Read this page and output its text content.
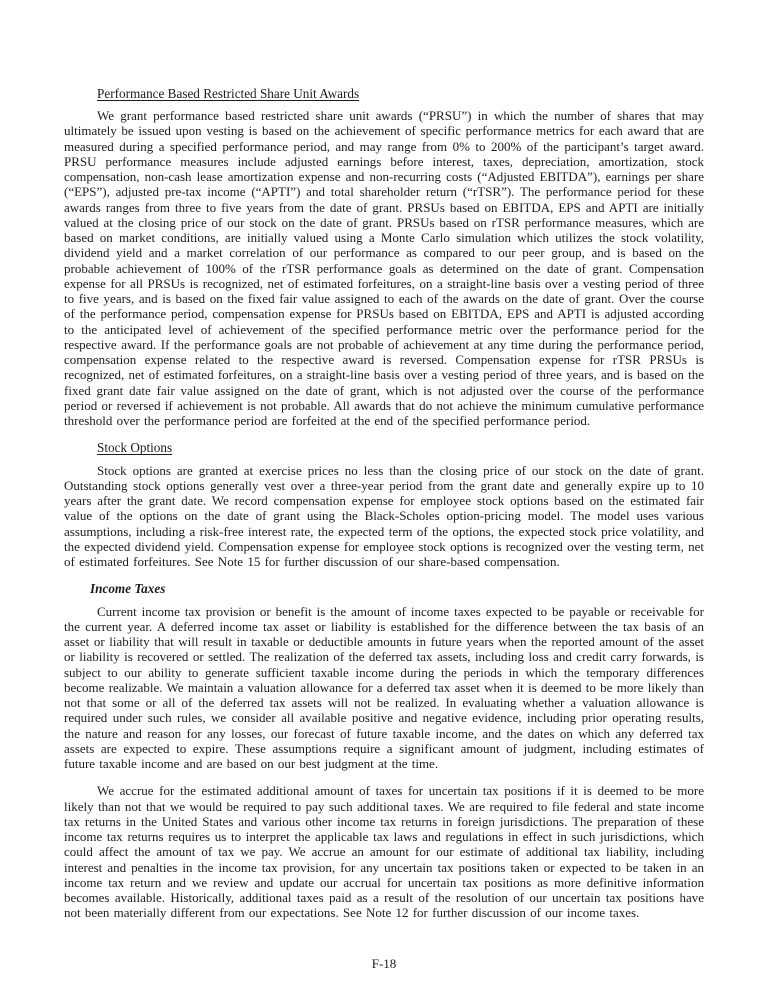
Performance Based Restricted Share Unit Awards

We grant performance based restricted share unit awards (“PRSU”) in which the number of shares that may ultimately be issued upon vesting is based on the achievement of specific performance metrics for each award that are measured during a specified performance period, and may range from 0% to 200% of the participant’s target award. PRSU performance measures include adjusted earnings before interest, taxes, depreciation, amortization, stock compensation, non-cash lease amortization expense and non-recurring costs (“Adjusted EBITDA”), earnings per share (“EPS”), adjusted pre-tax income (“APTI”) and total shareholder return (“rTSR”). The performance period for these awards ranges from three to five years from the date of grant. PRSUs based on EBITDA, EPS and APTI are initially valued at the closing price of our stock on the date of grant. PRSUs based on rTSR performance measures, which are based on market conditions, are initially valued using a Monte Carlo simulation which utilizes the stock volatility, dividend yield and a market correlation of our performance as compared to our peer group, and is based on the probable achievement of 100% of the rTSR performance goals as determined on the date of grant. Compensation expense for all PRSUs is recognized, net of estimated forfeitures, on a straight-line basis over a vesting period of three to five years, and is based on the fixed fair value assigned to each of the awards on the date of grant. Over the course of the performance period, compensation expense for PRSUs based on EBITDA, EPS and APTI is adjusted according to the anticipated level of achievement of the specified performance metric over the performance period for the respective award. If the performance goals are not probable of achievement at any time during the performance period, compensation expense related to the respective award is reversed. Compensation expense for rTSR PRSUs is recognized, net of estimated forfeitures, on a straight-line basis over a vesting period of three years, and is based on the fixed grant date fair value assigned on the date of grant, which is not adjusted over the course of the performance period or reversed if achievement is not probable. All awards that do not achieve the minimum cumulative performance threshold over the performance period are forfeited at the end of the specified performance period.

Stock Options

Stock options are granted at exercise prices no less than the closing price of our stock on the date of grant. Outstanding stock options generally vest over a three-year period from the grant date and generally expire up to 10 years after the grant date. We record compensation expense for employee stock options based on the estimated fair value of the options on the date of grant using the Black-Scholes option-pricing model. The model uses various assumptions, including a risk-free interest rate, the expected term of the options, the expected stock price volatility, and the expected dividend yield. Compensation expense for employee stock options is recognized over the vesting term, net of estimated forfeitures. See Note 15 for further discussion of our share-based compensation.

Income Taxes

Current income tax provision or benefit is the amount of income taxes expected to be payable or receivable for the current year. A deferred income tax asset or liability is established for the difference between the tax basis of an asset or liability that will result in taxable or deductible amounts in future years when the reported amount of the asset or liability is recovered or settled. The realization of the deferred tax assets, including loss and credit carry forwards, is subject to our ability to generate sufficient taxable income during the periods in which the temporary differences become realizable. We maintain a valuation allowance for a deferred tax asset when it is deemed to be more likely than not that some or all of the deferred tax assets will not be realized. In evaluating whether a valuation allowance is required under such rules, we consider all available positive and negative evidence, including prior operating results, the nature and reason for any losses, our forecast of future taxable income, and the dates on which any deferred tax assets are expected to expire. These assumptions require a significant amount of judgment, including estimates of future taxable income and are based on our best judgment at the time.

We accrue for the estimated additional amount of taxes for uncertain tax positions if it is deemed to be more likely than not that we would be required to pay such additional taxes. We are required to file federal and state income tax returns in the United States and various other income tax returns in foreign jurisdictions. The preparation of these income tax returns requires us to interpret the applicable tax laws and regulations in effect in such jurisdictions, which could affect the amount of tax we pay. We accrue an amount for our estimate of additional tax liability, including interest and penalties in the income tax provision, for any uncertain tax positions taken or expected to be taken in an income tax return and we review and update our accrual for uncertain tax positions as more definitive information becomes available. Historically, additional taxes paid as a result of the resolution of our uncertain tax positions have not been materially different from our expectations. See Note 12 for further discussion of our income taxes.

F-18
